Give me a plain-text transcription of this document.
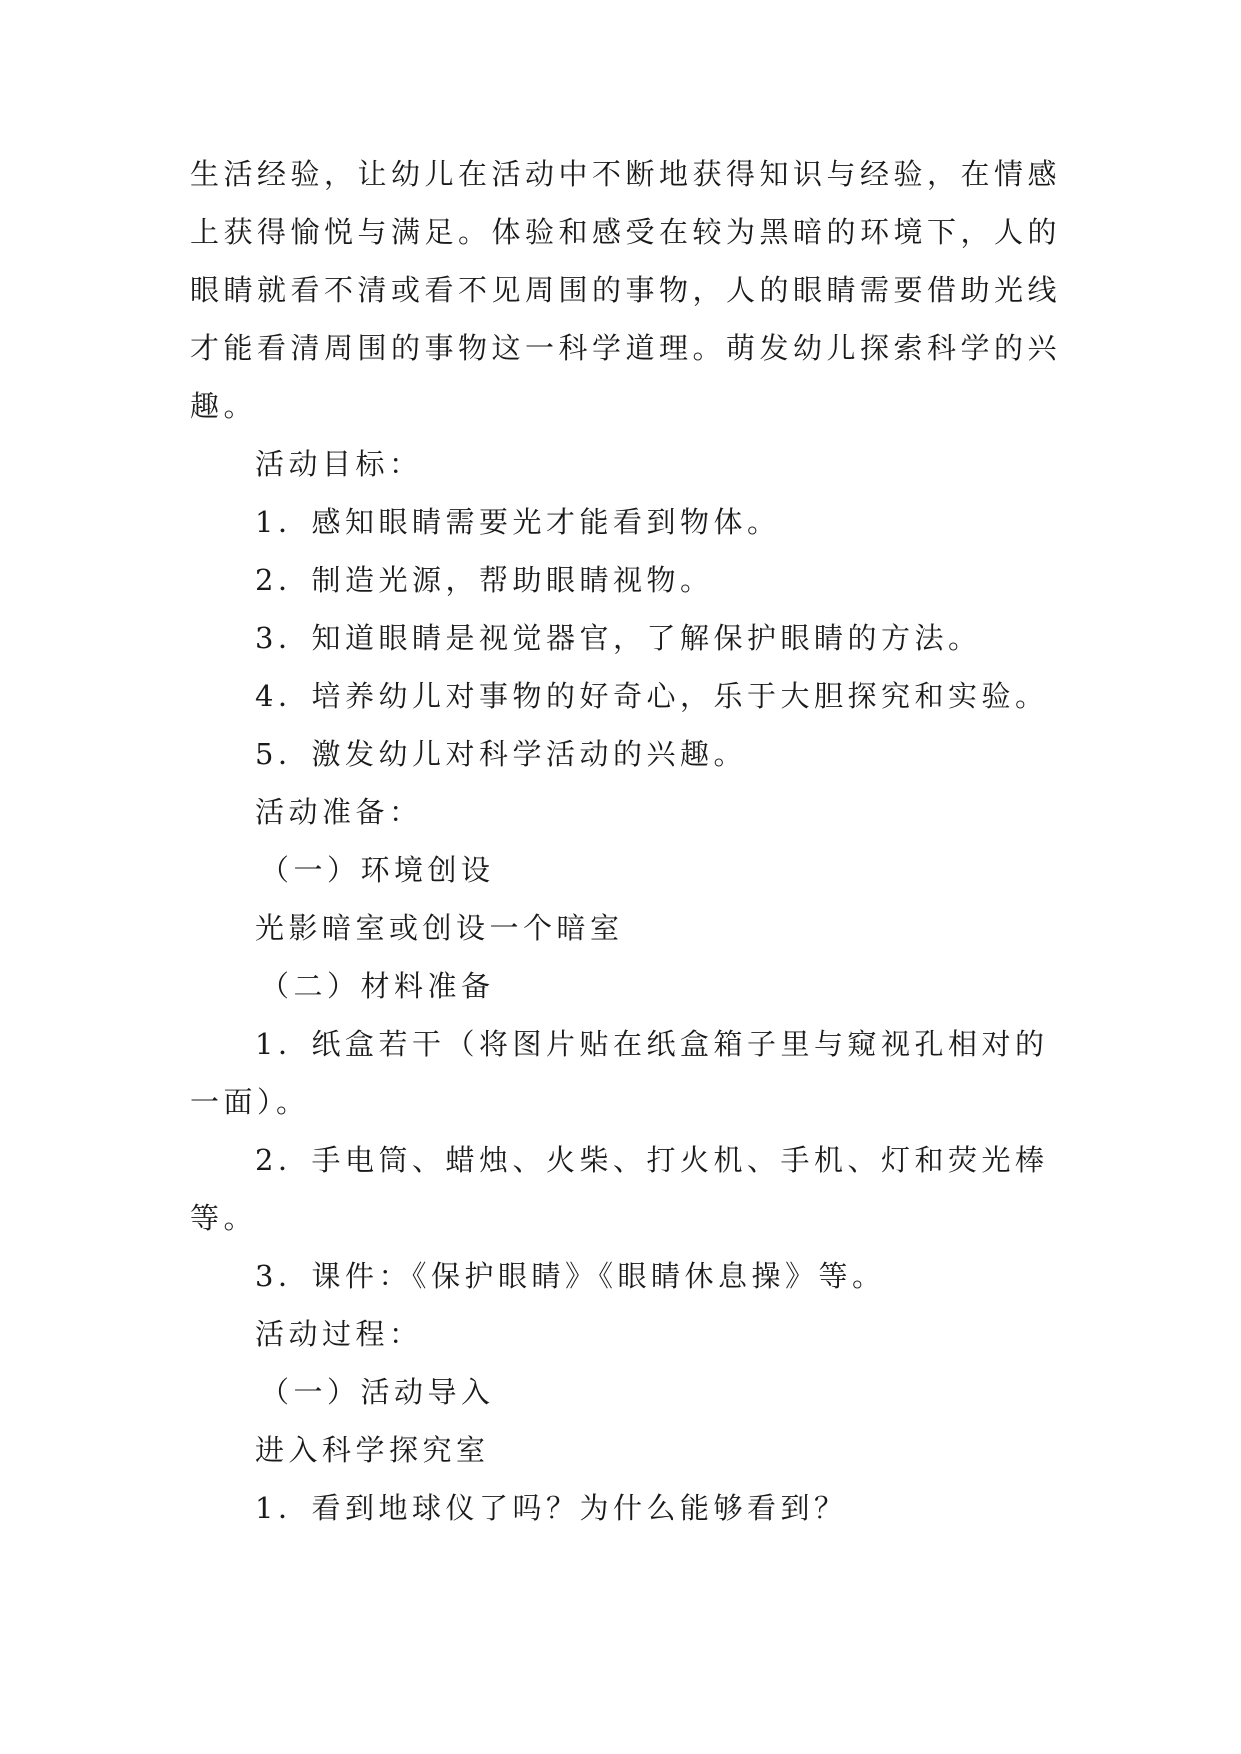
生活经验，让幼儿在活动中不断地获得知识与经验，在情感
上获得愉悦与满足。体验和感受在较为黑暗的环境下，人的
眼睛就看不清或看不见周围的事物，人的眼睛需要借助光线
才能看清周围的事物这一科学道理。萌发幼儿探索科学的兴
趣。
活动目标：
1．感知眼睛需要光才能看到物体。
2．制造光源，帮助眼睛视物。
3．知道眼睛是视觉器官，了解保护眼睛的方法。
4．培养幼儿对事物的好奇心，乐于大胆探究和实验。
5．激发幼儿对科学活动的兴趣。
活动准备：
（一）环境创设
光影暗室或创设一个暗室
（二）材料准备
1．纸盒若干（将图片贴在纸盒箱子里与窥视孔相对的
一面）。
2．手电筒、蜡烛、火柴、打火机、手机、灯和荧光棒
等。
3．课件：《保护眼睛》《眼睛休息操》等。
活动过程：
（一）活动导入
进入科学探究室
1．看到地球仪了吗？为什么能够看到？
